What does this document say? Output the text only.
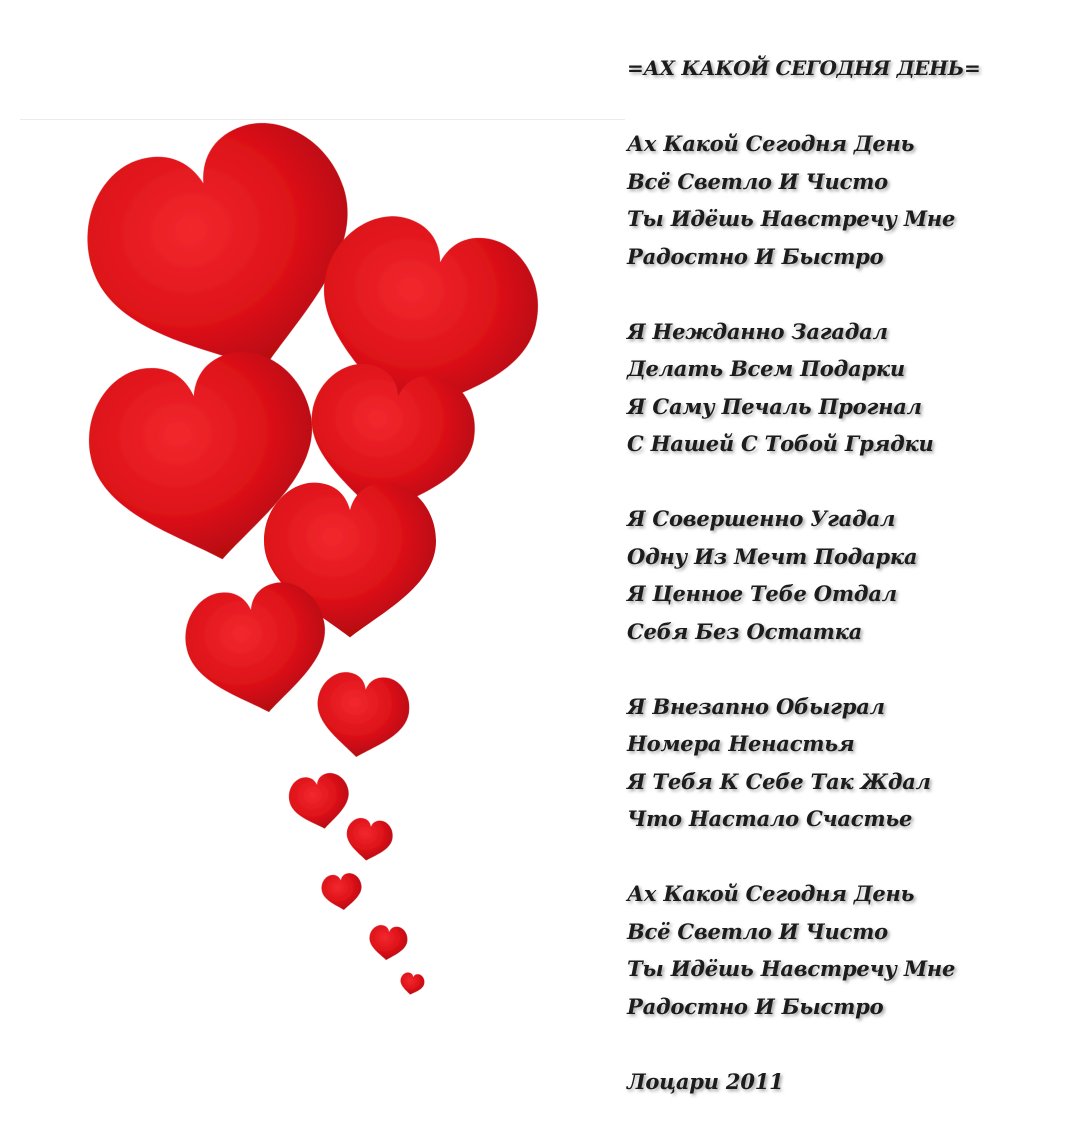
=АХ КАКОЙ СЕГОДНЯ ДЕНЬ=
Ах Какой Сегодня День
Всё Светло И Чисто
Ты Идёшь Навстречу Мне
Радостно И Быстро
Я Нежданно Загадал
Делать Всем Подарки
Я Саму Печаль Прогнал
С Нашей С Тобой Грядки
Я Совершенно Угадал
Одну Из Мечт Подарка
Я Ценное Тебе Отдал
Себя Без Остатка
Я Внезапно Обыграл
Номера Ненастья
Я Тебя К Себе Так Ждал
Что Настало Счастье
Ах Какой Сегодня День
Всё Светло И Чисто
Ты Идёшь Навстречу Мне
Радостно И Быстро
Лоцари 2011
